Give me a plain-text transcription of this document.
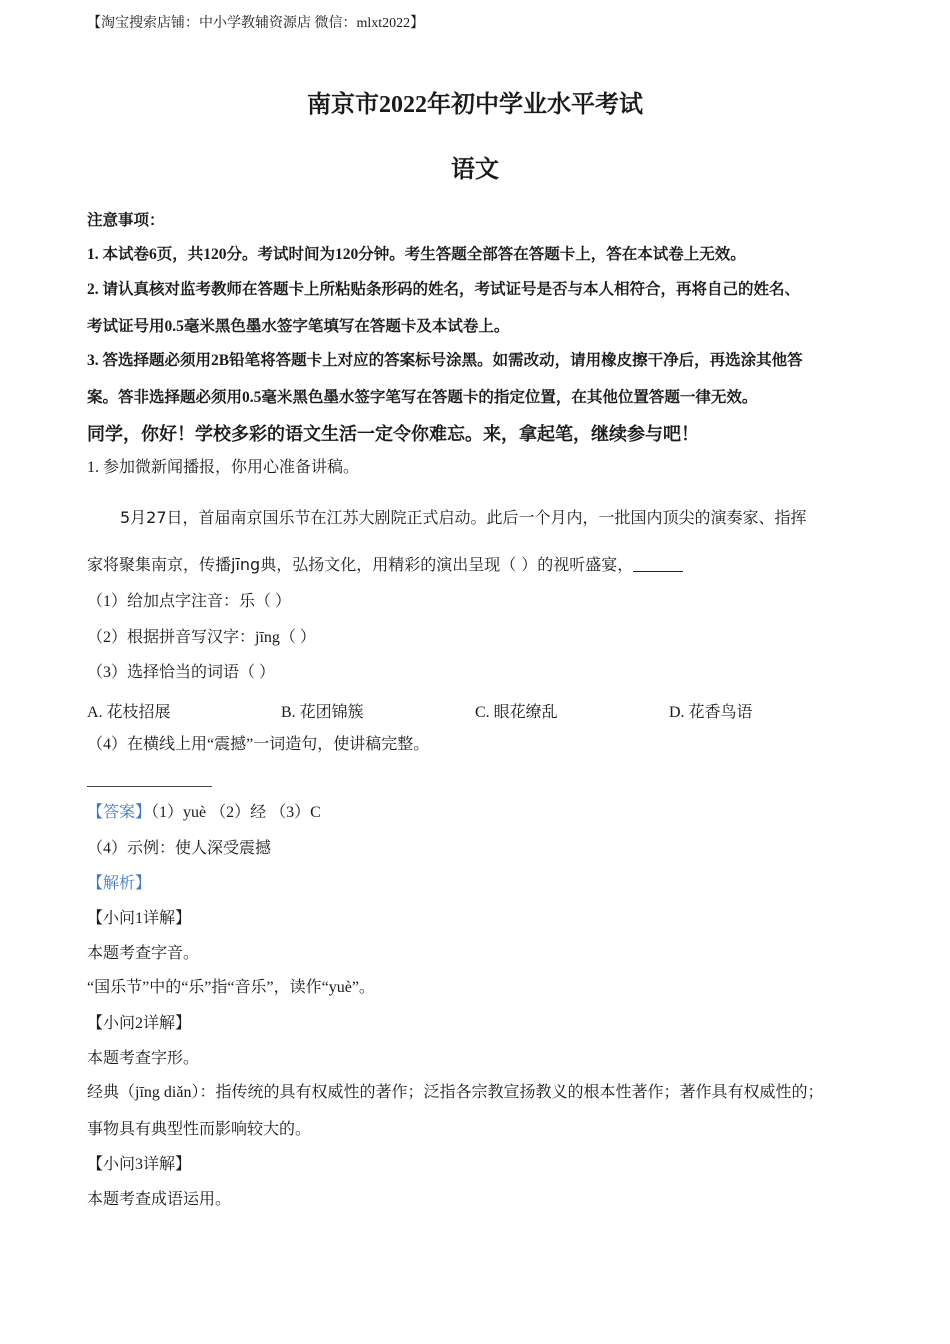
【淘宝搜索店铺：中小学教辅资源店 微信：mlxt2022】
南京市2022年初中学业水平考试
语文
注意事项：
1. 本试卷6页，共120分。考试时间为120分钟。考生答题全部答在答题卡上，答在本试卷上无效。
2. 请认真核对监考教师在答题卡上所粘贴条形码的姓名，考试证号是否与本人相符合，再将自己的姓名、
考试证号用0.5毫米黑色墨水签字笔填写在答题卡及本试卷上。
3. 答选择题必须用2B铅笔将答题卡上对应的答案标号涂黑。如需改动，请用橡皮擦干净后，再选涂其他答
案。答非选择题必须用0.5毫米黑色墨水签字笔写在答题卡的指定位置，在其他位置答题一律无效。
同学，你好！学校多彩的语文生活一定令你难忘。来，拿起笔，继续参与吧！
1. 参加微新闻播报，你用心准备讲稿。
5月27日，首届南京国乐节在江苏大剧院正式启动。此后一个月内，一批国内顶尖的演奏家、指挥
家将聚集南京，传播jīng典，弘扬文化，用精彩的演出呈现（ ）的视听盛宴，
（1）给加点字注音：乐（ ）
（2）根据拼音写汉字：jīng（ ）
（3）选择恰当的词语（ ）
A. 花枝招展	B. 花团锦簇	C. 眼花缭乱	D. 花香鸟语
（4）在横线上用“震撼”一词造句，使讲稿完整。
【答案】（1）yuè （2）经 （3）C
（4）示例：使人深受震撼
【解析】
【小问1详解】
本题考查字音。
“国乐节”中的“乐”指“音乐”，读作“yuè”。
【小问2详解】
本题考查字形。
经典（jīng diǎn）：指传统的具有权威性的著作；泛指各宗教宣扬教义的根本性著作；著作具有权威性的；
事物具有典型性而影响较大的。
【小问3详解】
本题考查成语运用。
